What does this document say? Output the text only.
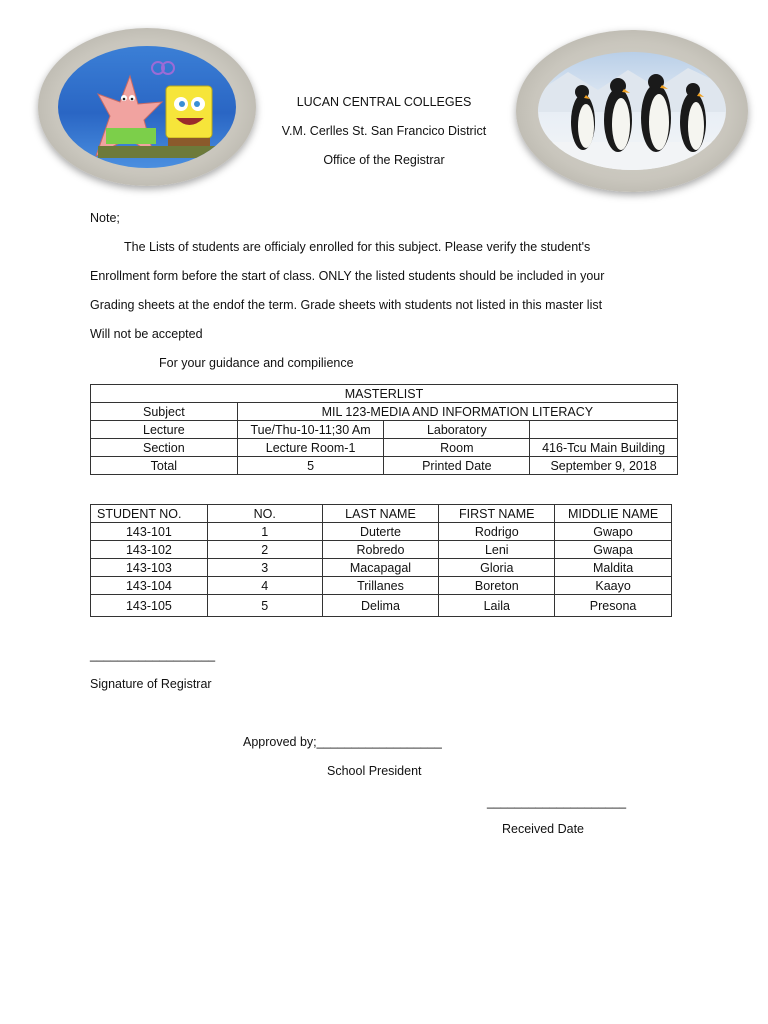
LUCAN CENTRAL COLLEGES
V.M. Cerlles St. San Francico District
Office of the Registrar
Note;
The Lists of students are officialy enrolled for this subject. Please verify the student's
Enrollment form before the start of class. ONLY the listed students should be included in your
Grading sheets at the endof the term. Grade sheets with students not listed in this master list
Will not be accepted
For your guidance and compilience
MASTERLIST			
Subject	MIL 123-MEDIA AND INFORMATION LITERACY		
Lecture	Tue/Thu-10-11;30 Am	Laboratory	
Section	Lecture Room-1	Room	416-Tcu Main Building
Total	5	Printed Date	September 9, 2018
STUDENT NO.	NO.	LAST NAME	FIRST NAME	MIDDLIE NAME
143-101	1	Duterte	Rodrigo	Gwapo
143-102	2	Robredo	Leni	Gwapa
143-103	3	Macapagal	Gloria	Maldita
143-104	4	Trillanes	Boreton	Kaayo
143-105	5	Delima	Laila	Presona
__________________
Signature of Registrar
Approved by;__________________
School President
____________________
Received Date
